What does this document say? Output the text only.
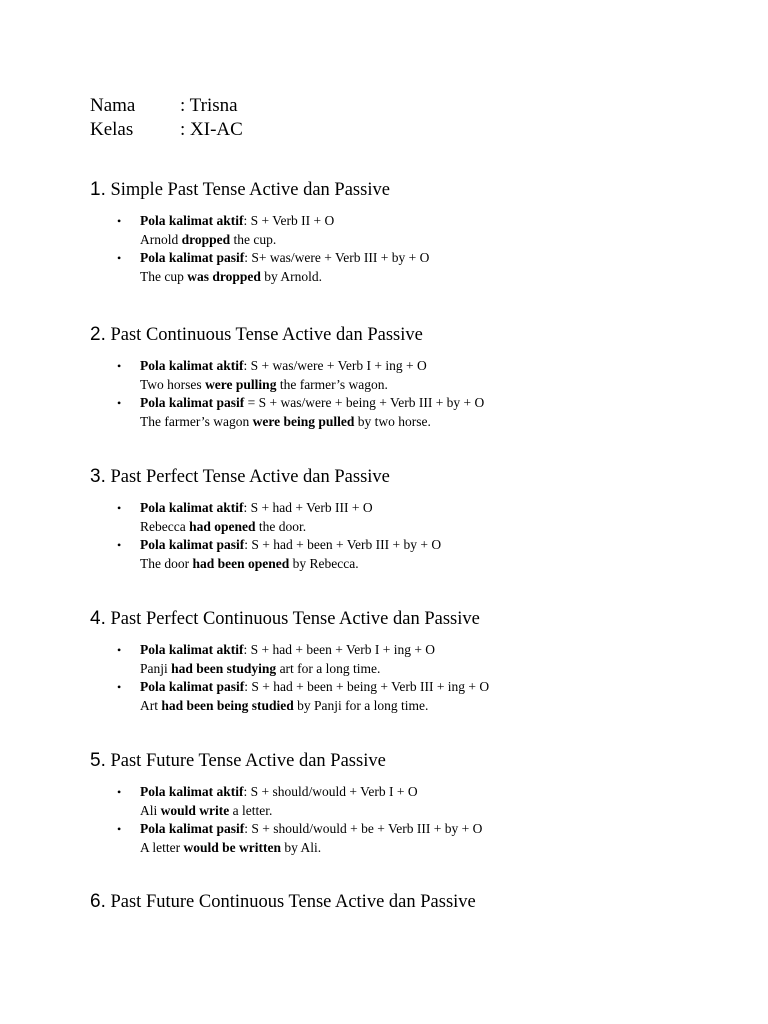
Nama : Trisna
Kelas : XI-AC
1. Simple Past Tense Active dan Passive
• Pola kalimat aktif: S + Verb II + O
Arnold dropped the cup.
• Pola kalimat pasif: S+ was/were + Verb III + by + O
The cup was dropped by Arnold.
2. Past Continuous Tense Active dan Passive
• Pola kalimat aktif: S + was/were + Verb I + ing + O
Two horses were pulling the farmer’s wagon.
• Pola kalimat pasif = S + was/were + being + Verb III + by + O
The farmer’s wagon were being pulled by two horse.
3. Past Perfect Tense Active dan Passive
• Pola kalimat aktif: S + had + Verb III + O
Rebecca had opened the door.
• Pola kalimat pasif: S + had + been + Verb III + by + O
The door had been opened by Rebecca.
4. Past Perfect Continuous Tense Active dan Passive
• Pola kalimat aktif: S + had + been + Verb I + ing + O
Panji had been studying art for a long time.
• Pola kalimat pasif: S + had + been + being + Verb III + ing + O
Art had been being studied by Panji for a long time.
5. Past Future Tense Active dan Passive
• Pola kalimat aktif: S + should/would + Verb I + O
Ali would write a letter.
• Pola kalimat pasif: S + should/would + be + Verb III + by + O
A letter would be written by Ali.
6. Past Future Continuous Tense Active dan Passive
